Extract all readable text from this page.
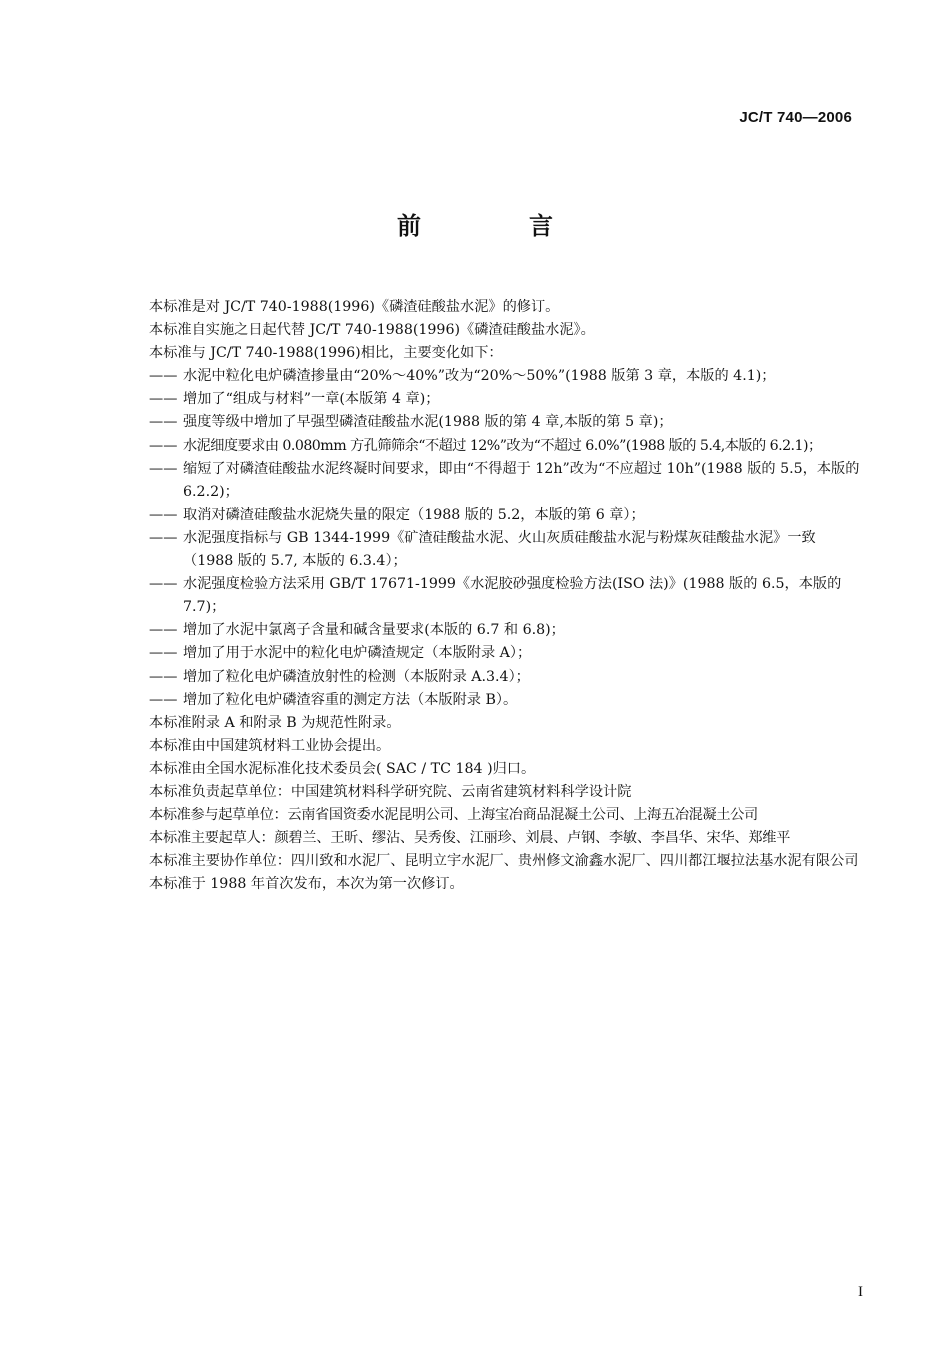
JC/T 740—2006
前　言

本标准是对 JC/T 740-1988(1996)《磷渣硅酸盐水泥》的修订。

本标准自实施之日起代替 JC/T 740-1988(1996)《磷渣硅酸盐水泥》。

本标准与 JC/T 740-1988(1996)相比，主要变化如下：

—— 水泥中粒化电炉磷渣掺量由“20%～40%”改为“20%～50%”(1988 版第 3 章，本版的 4.1)；
—— 增加了“组成与材料”一章(本版第 4 章)；
—— 强度等级中增加了早强型磷渣硅酸盐水泥(1988 版的第 4 章,本版的第 5 章)；
—— 水泥细度要求由 0.080mm 方孔筛筛余“不超过 12%”改为“不超过 6.0%”(1988 版的 5.4,本版的 6.2.1)；
—— 缩短了对磷渣硅酸盐水泥终凝时间要求，即由“不得超于 12h”改为“不应超过 10h”(1988 版的 5.5，本版的 6.2.2)；
—— 取消对磷渣硅酸盐水泥烧失量的限定（1988 版的 5.2，本版的第 6 章）；
—— 水泥强度指标与 GB 1344-1999《矿渣硅酸盐水泥、火山灰质硅酸盐水泥与粉煤灰硅酸盐水泥》一致（1988 版的 5.7, 本版的 6.3.4）；
—— 水泥强度检验方法采用 GB/T 17671-1999《水泥胶砂强度检验方法(ISO 法)》(1988 版的 6.5，本版的 7.7)；
—— 增加了水泥中氯离子含量和碱含量要求(本版的 6.7 和 6.8)；
—— 增加了用于水泥中的粒化电炉磷渣规定（本版附录 A）；
—— 增加了粒化电炉磷渣放射性的检测（本版附录 A.3.4）；
—— 增加了粒化电炉磷渣容重的测定方法（本版附录 B）。

本标准附录 A 和附录 B 为规范性附录。

本标准由中国建筑材料工业协会提出。

本标准由全国水泥标准化技术委员会( SAC / TC 184 )归口。

本标准负责起草单位：中国建筑材料科学研究院、云南省建筑材料科学设计院

本标准参与起草单位：云南省国资委水泥昆明公司、上海宝冶商品混凝土公司、上海五冶混凝土公司

本标准主要起草人：颜碧兰、王昕、缪沾、吴秀俊、江丽珍、刘晨、卢钢、李敏、李昌华、宋华、郑维平

本标准主要协作单位：四川致和水泥厂、昆明立宇水泥厂、贵州修文渝鑫水泥厂、四川都江堰拉法基水泥有限公司

本标准于 1988 年首次发布，本次为第一次修订。

I
